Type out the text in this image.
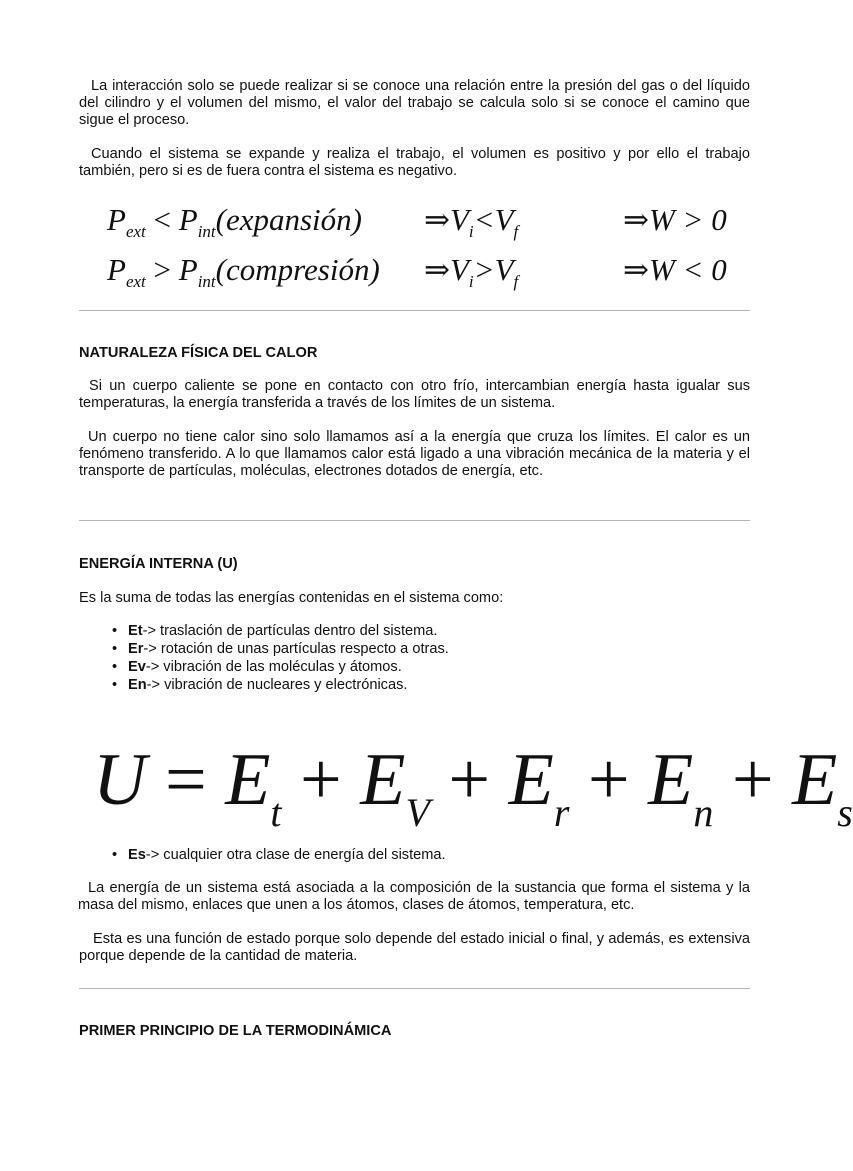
La interacción solo se puede realizar si se conoce una relación entre la presión del gas o del líquido del cilindro y el volumen del mismo, el valor del trabajo se calcula solo si se conoce el camino que sigue el proceso.

Cuando el sistema se expande y realiza el trabajo, el volumen es positivo y por ello el trabajo también, pero si es de fuera contra el sistema es negativo.

$P_{ext}$ < $P_{int}(expansión)$ $\Rightarrow V_i<V_f$	⇒W > 0
$P_{ext}$ > $P_{int}(compresión)$ $\Rightarrow V_i>V_f$	⇒W < 0
NATURALEZA FÍSICA DEL CALOR

Si un cuerpo caliente se pone en contacto con otro frío, intercambian energía hasta igualar sus temperaturas, la energía transferida a través de los límites de un sistema.

Un cuerpo no tiene calor sino solo llamamos así a la energía que cruza los límites. El calor es un fenómeno transferido. A lo que llamamos calor está ligado a una vibración mecánica de la materia y el transporte de partículas, moléculas, electrones dotados de energía, etc.

ENERGÍA INTERNA (U)

Es la suma de todas las energías contenidas en el sistema como:

• Et-> traslación de partículas dentro del sistema.
• Er-> rotación de unas partículas respecto a otras.
• Ev-> vibración de las moléculas y átomos.
• En-> vibración de nucleares y electrónicas.
$U = E_t + E_V + E_r + E_n + E_s$
• Es-> cualquier otra clase de energía del sistema.

La energía de un sistema está asociada a la composición de la sustancia que forma el sistema y la masa del mismo, enlaces que unen a los átomos, clases de átomos, temperatura, etc.

Esta es una función de estado porque solo depende del estado inicial o final, y además, es extensiva porque depende de la cantidad de materia.

PRIMER PRINCIPIO DE LA TERMODINÁMICA
